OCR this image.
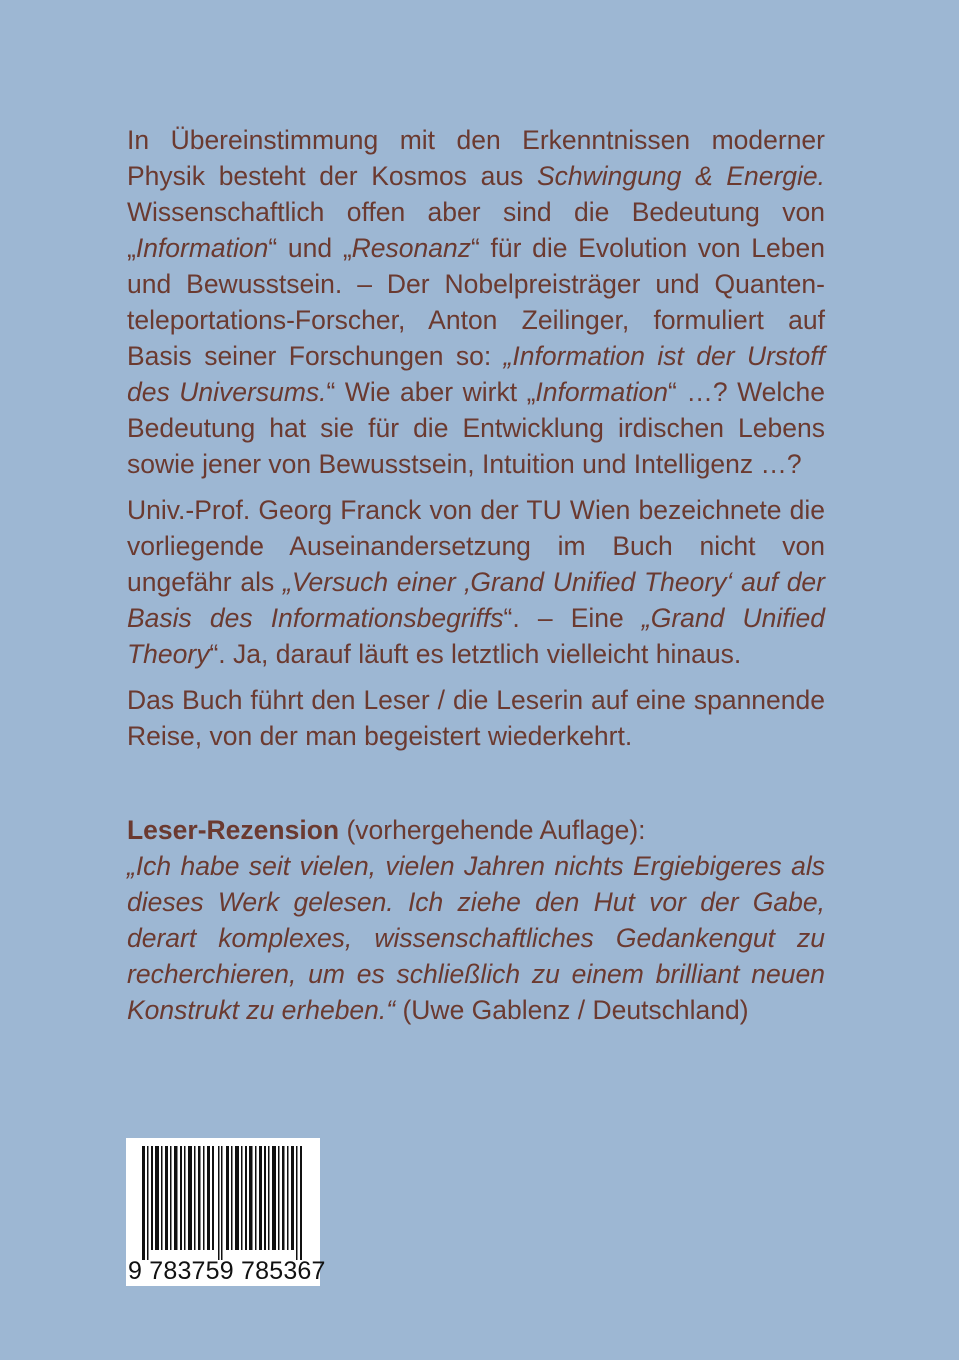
In Übereinstimmung mit den Erkenntnissen moderner Physik besteht der Kosmos aus Schwingung & Energie. Wissenschaftlich offen aber sind die Bedeutung von „Information“ und „Resonanz“ für die Evolution von Leben und Bewusstsein. – Der Nobelpreisträger und Quantenteleportations-Forscher, Anton Zeilinger, formuliert auf Basis seiner Forschungen so: „Information ist der Urstoff des Universums.“ Wie aber wirkt „Information“ …? Welche Bedeutung hat sie für die Entwicklung irdischen Lebens sowie jener von Bewusstsein, Intuition und Intelligenz …?

Univ.-Prof. Georg Franck von der TU Wien bezeichnete die vorliegende Auseinandersetzung im Buch nicht von ungefähr als „Versuch einer ‚Grand Unified Theory‘ auf der Basis des Informationsbegriffs“. – Eine „Grand Unified Theory“. Ja, darauf läuft es letztlich vielleicht hinaus.

Das Buch führt den Leser / die Leserin auf eine spannende Reise, von der man begeistert wiederkehrt.

Leser-Rezension (vorhergehende Auflage):

„Ich habe seit vielen, vielen Jahren nichts Ergiebigeres als dieses Werk gelesen. Ich ziehe den Hut vor der Gabe, derart komplexes, wissenschaftliches Gedankengut zu recherchieren, um es schließlich zu einem brilliant neuen Konstrukt zu erheben.“ (Uwe Gablenz / Deutschland)

9 783759 785367
